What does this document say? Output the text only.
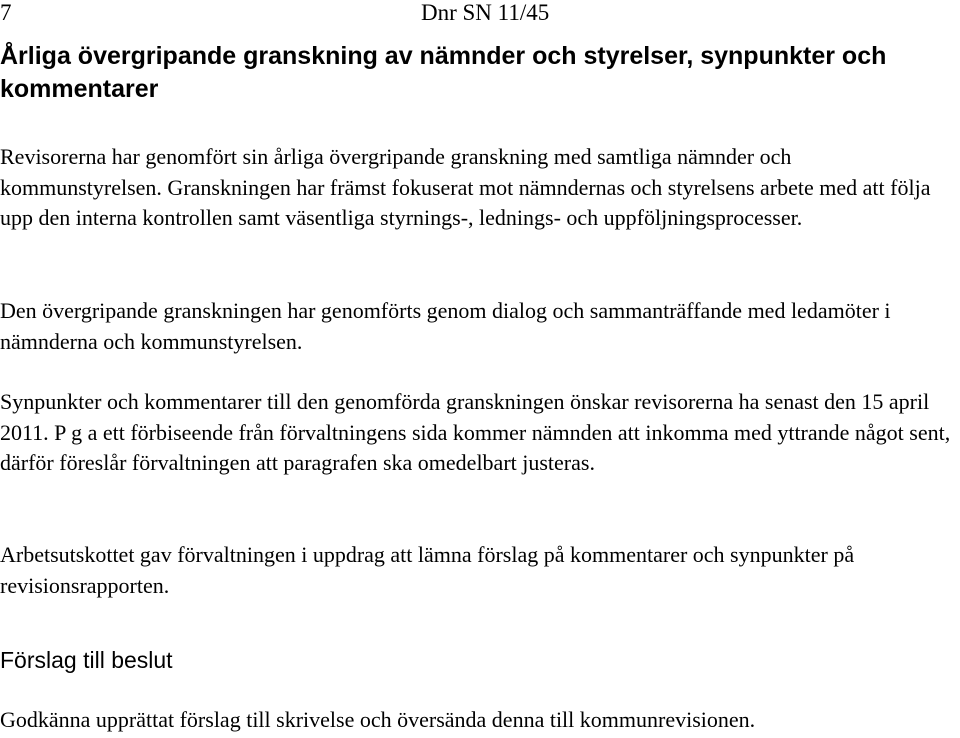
7	Dnr SN 11/45
Årliga övergripande granskning av nämnder och styrelser, synpunkter och kommentarer

Revisorerna har genomfört sin årliga övergripande granskning med samtliga nämnder och kommunstyrelsen. Granskningen har främst fokuserat mot nämndernas och styrelsens arbete med att följa upp den interna kontrollen samt väsentliga styrnings-, lednings- och uppföljningsprocesser.

Den övergripande granskningen har genomförts genom dialog och sammanträffande med ledamöter i nämnderna och kommunstyrelsen.

Synpunkter och kommentarer till den genomförda granskningen önskar revisorerna ha senast den 15 april 2011. P g a ett förbiseende från förvaltningens sida kommer nämnden att inkomma med yttrande något sent, därför föreslår förvaltningen att paragrafen ska omedelbart justeras.

Arbetsutskottet gav förvaltningen i uppdrag att lämna förslag på kommentarer och synpunkter på revisionsrapporten.

Förslag till beslut

Godkänna upprättat förslag till skrivelse och översända denna till kommunrevisionen.
